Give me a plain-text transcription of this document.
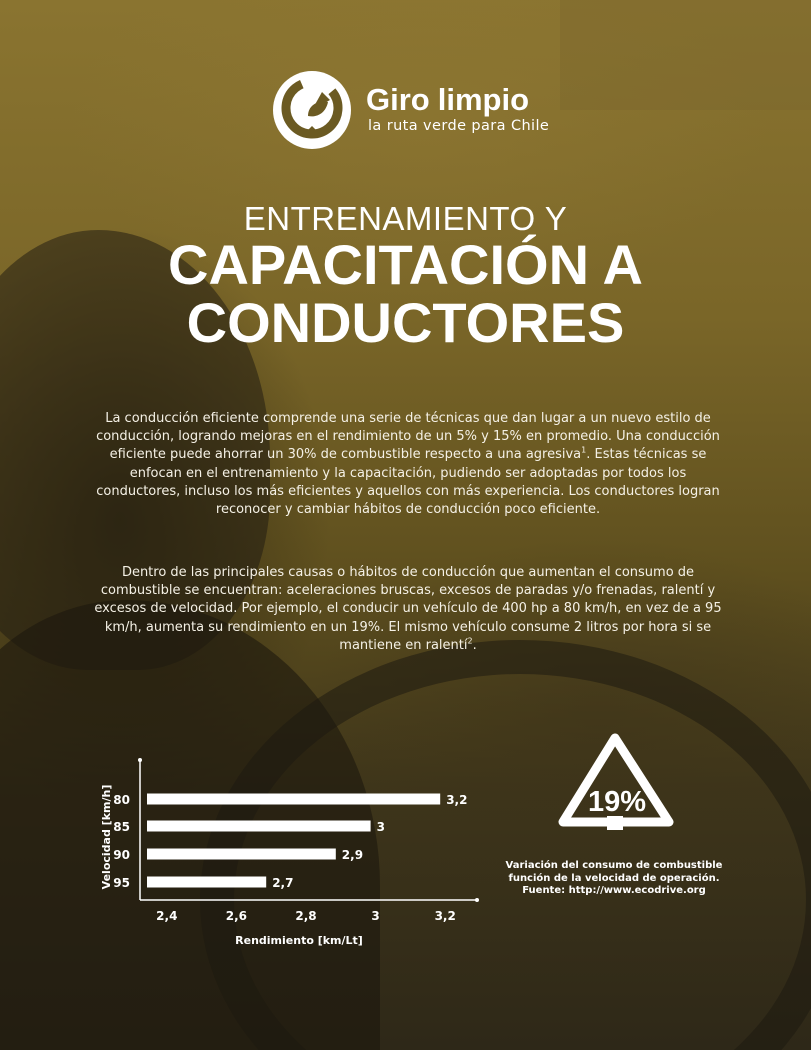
Giro limpio
la ruta verde para Chile
ENTRENAMIENTO Y
CAPACITACIÓN A
CONDUCTORES

La conducción eficiente comprende una serie de técnicas que dan lugar a un nuevo estilo de conducción, logrando mejoras en el rendimiento de un 5% y 15% en promedio. Una conducción eficiente puede ahorrar un 30% de combustible respecto a una agresiva$^1$. Estas técnicas se enfocan en el entrenamiento y la capacitación, pudiendo ser adoptadas por todos los conductores, incluso los más eficientes y aquellos con más experiencia. Los conductores logran reconocer y cambiar hábitos de conducción poco eficiente.

Dentro de las principales causas o hábitos de conducción que aumentan el consumo de combustible se encuentran: aceleraciones bruscas, excesos de paradas y/o frenadas, ralentí y excesos de velocidad. Por ejemplo, el conducir un vehículo de 400 hp a 80 km/h, en vez de a 95 km/h, aumenta su rendimiento en un 19%. El mismo vehículo consume 2 litros por hora si se mantiene en ralentí$^2$.

80	3,2
85	3
90	2,9
95	2,7
2,4	2,6	2,8	3	3,2
Rendimiento [km/Lt]
Velocidad [km/h]	19%
Variación del consumo de combustible
función de la velocidad de operación.
Fuente: http://www.ecodrive.org
